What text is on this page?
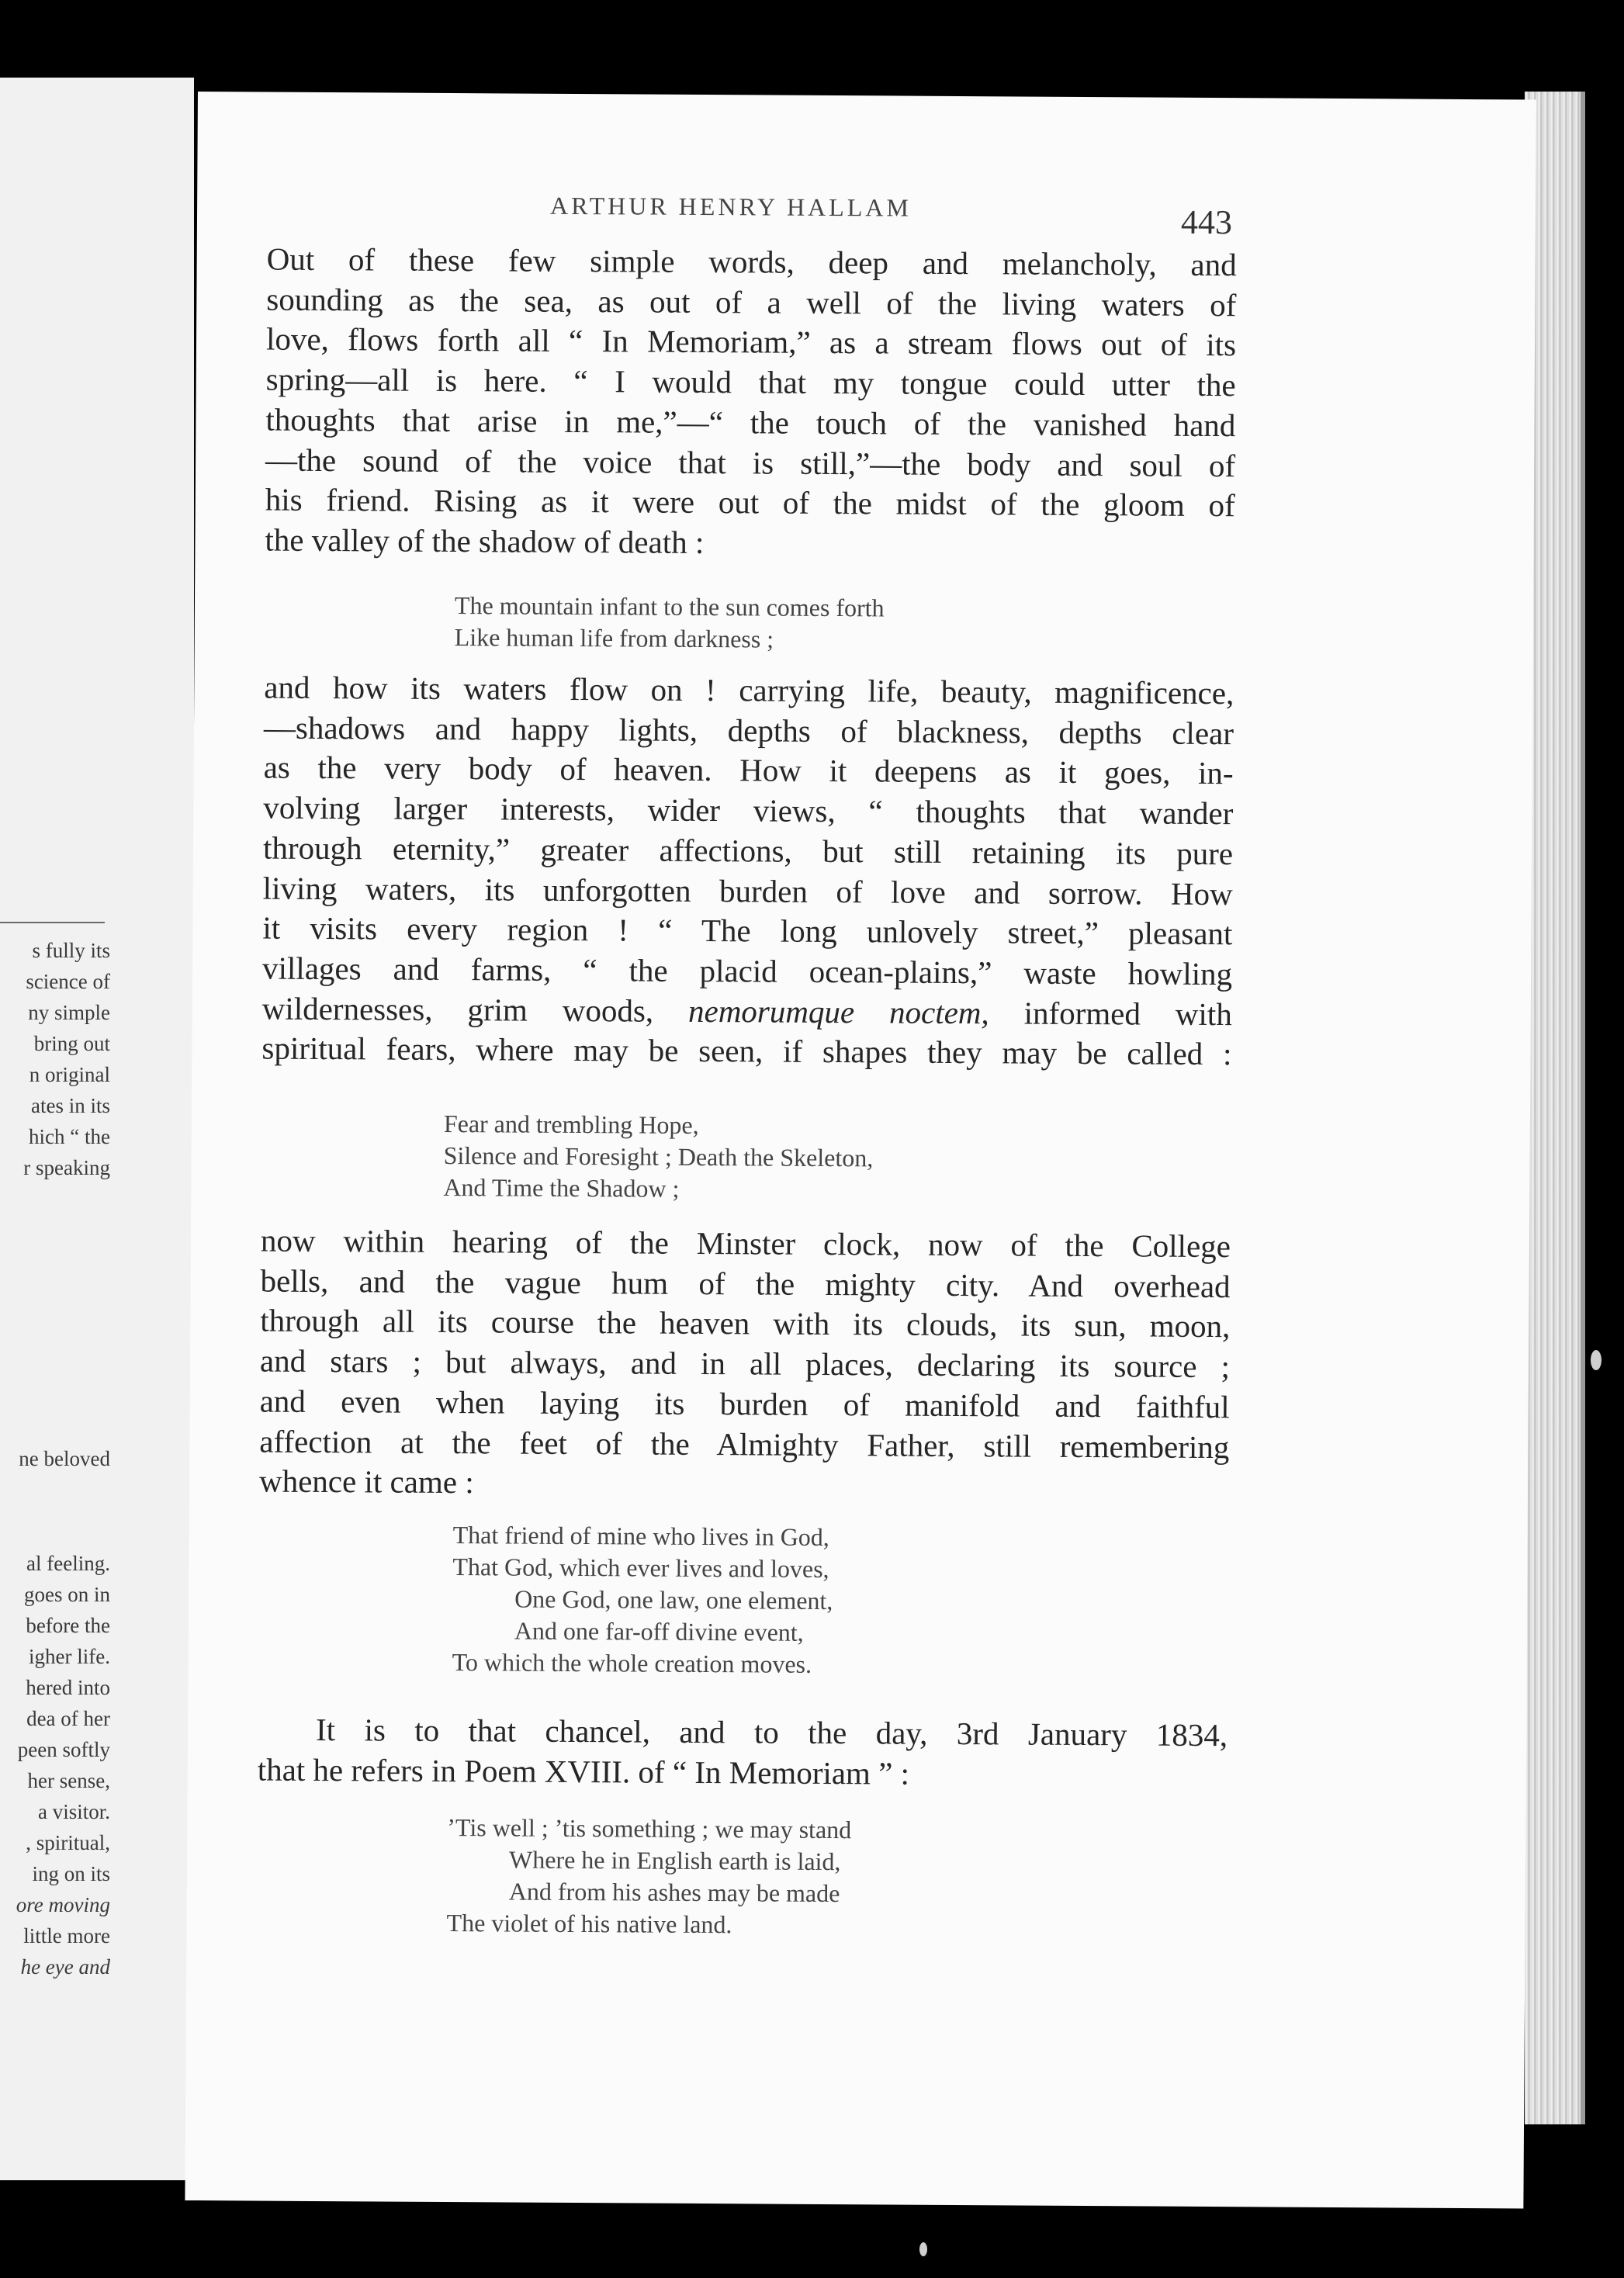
s fully its
science of
ny simple
bring out
n original
ates in its
hich “ the
r speaking
ne beloved
al feeling.
goes on in
before the
igher life.
hered into
dea of her
peen softly
her sense,
a visitor.
, spiritual,
ing on its
ore moving
little more
he eye and
ARTHUR HENRY HALLAM	443
Out of these few simple words, deep and melancholy, and
sounding as the sea, as out of a well of the living waters of
love, flows forth all “ In Memoriam,” as a stream flows out of its
spring—all is here. “ I would that my tongue could utter the
thoughts that arise in me,”—“ the touch of the vanished hand
—the sound of the voice that is still,”—the body and soul of
his friend. Rising as it were out of the midst of the gloom of
the valley of the shadow of death :
The mountain infant to the sun comes forth
Like human life from darkness ;
and how its waters flow on ! carrying life, beauty, magnificence,
—shadows and happy lights, depths of blackness, depths clear
as the very body of heaven. How it deepens as it goes, in-
volving larger interests, wider views, “ thoughts that wander
through eternity,” greater affections, but still retaining its pure
living waters, its unforgotten burden of love and sorrow. How
it visits every region ! “ The long unlovely street,” pleasant
villages and farms, “ the placid ocean-plains,” waste howling
wildernesses, grim woods, nemorumque noctem, informed with
spiritual fears, where may be seen, if shapes they may be called :
Fear and trembling Hope,
Silence and Foresight ; Death the Skeleton,
And Time the Shadow ;
now within hearing of the Minster clock, now of the College
bells, and the vague hum of the mighty city. And overhead
through all its course the heaven with its clouds, its sun, moon,
and stars ; but always, and in all places, declaring its source ;
and even when laying its burden of manifold and faithful
affection at the feet of the Almighty Father, still remembering
whence it came :
That friend of mine who lives in God,
That God, which ever lives and loves,
One God, one law, one element,
And one far-off divine event,
To which the whole creation moves.
It is to that chancel, and to the day, 3rd January 1834,
that he refers in Poem XVIII. of “ In Memoriam ” :
’Tis well ; ’tis something ; we may stand
Where he in English earth is laid,
And from his ashes may be made
The violet of his native land.
